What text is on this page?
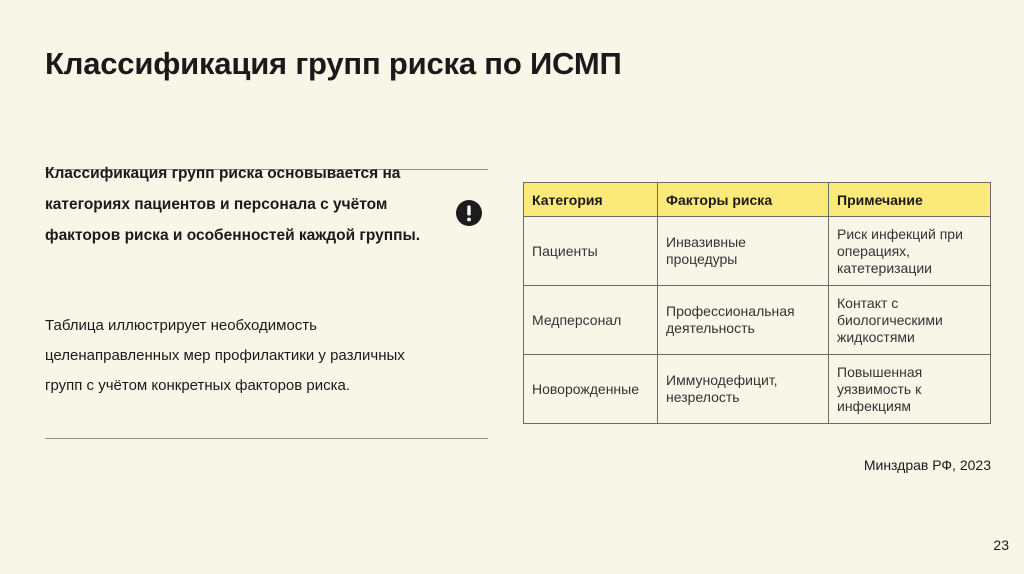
Классификация групп риска по ИСМП

Классификация групп риска основывается на категориях пациентов и персонала с учётом факторов риска и особенностей каждой группы.

Таблица иллюстрирует необходимость целенаправленных мер профилактики у различных групп с учётом конкретных факторов риска.

Категория	Факторы риска	Примечание
Пациенты	Инвазивные процедуры	Риск инфекций при операциях, катетеризации
Медперсонал	Профессиональная деятельность	Контакт с биологическими жидкостями
Новорожденные	Иммунодефицит, незрелость	Повышенная уязвимость к инфекциям
Минздрав РФ, 2023
23
